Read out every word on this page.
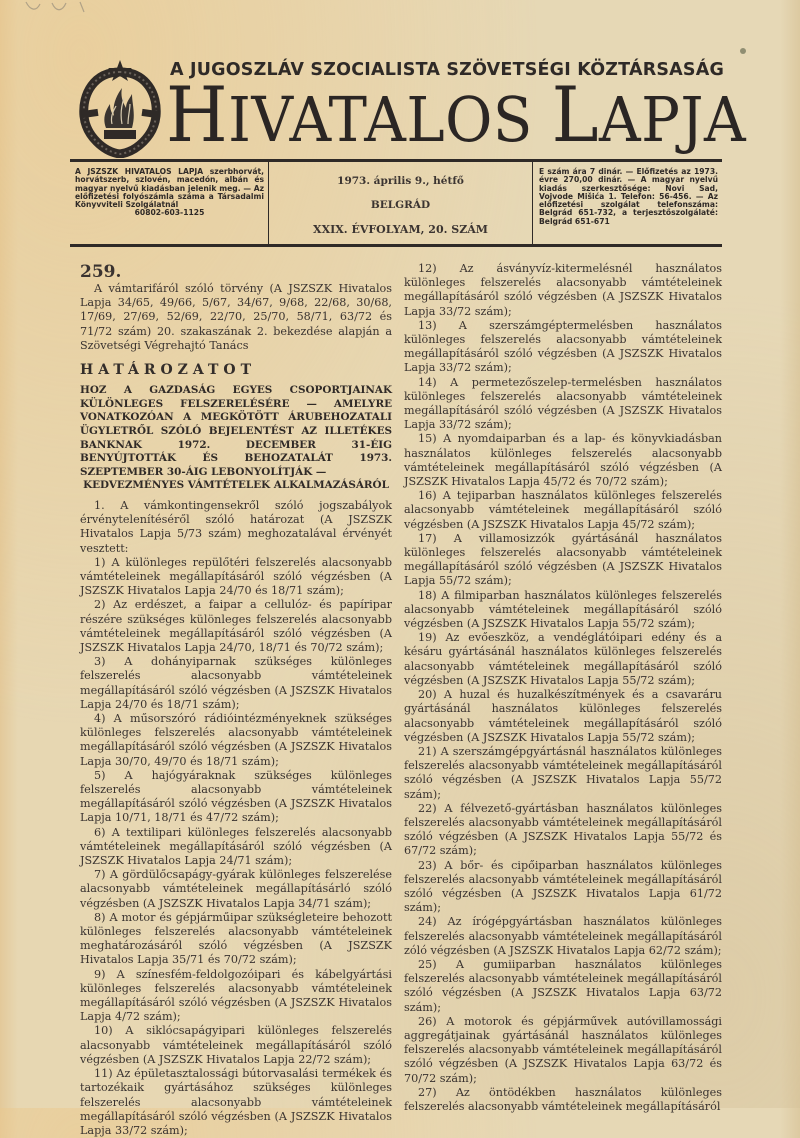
A JUGOSZLÁV SZOCIALISTA SZÖVETSÉGI KÖZTÁRSASÁG
HIVATALOS LAPJA
A JSZSZK HIVATALOS LAPJA szerbhorvát, horvátszerb, szlovén, macedón, albán és magyar nyelvű kiadásban jelenik meg. — Az előfizetési folyószámla száma a Társadalmi Könyvviteli Szolgálatnál
60802-603-1125

1973. április 9., hétfő

BELGRÁD

XXIX. ÉVFOLYAM, 20. SZÁM

E szám ára 7 dinár. — Előfizetés az 1973. évre 270,00 dinár. — A magyar nyelvű kiadás szerkesztősége: Novi Sad, Vojvode Mišića 1. Telefon: 56-456. — Az előfizetési szolgálat telefonszáma: Belgrád 651-732, a terjesztőszolgálaté: Belgrád 651-671

259.

A vámtarifáról szóló törvény (A JSZSZK Hivatalos Lapja 34/65, 49/66, 5/67, 34/67, 9/68, 22/68, 30/68, 17/69, 27/69, 52/69, 22/70, 25/70, 58/71, 63/72 és 71/72 szám) 20. szakaszának 2. bekezdése alapján a Szövetségi Végrehajtó Tanács

HATÁROZATOT

HOZ A GAZDASÁG EGYES CSOPORTJAINAK KÜLÖNLEGES FELSZERELÉSÉRE — AMELYRE VONATKOZÓAN A MEGKÖTÖTT ÁRUBEHOZATALI ÜGYLETRŐL SZÓLÓ BEJELENTÉST AZ ILLETÉKES BANKNAK 1972. DECEMBER 31-ÉIG BENYÚJTOTTÁK ÉS BEHOZATALÁT 1973. SZEPTEMBER 30-ÁIG LEBONYOLÍTJÁK —
KEDVEZMÉNYES VÁMTÉTELEK ALKALMAZÁSÁRÓL

1. A vámkontingensekről szóló jogszabályok érvénytelenítéséről szóló határozat (A JSZSZK Hivatalos Lapja 5/73 szám) meghozatalával érvényét vesztett:

1) A különleges repülőtéri felszerelés alacsonyabb vámtételeinek megállapításáról szóló végzésben (A JSZSZK Hivatalos Lapja 24/70 és 18/71 szám);

2) Az erdészet, a faipar a cellulóz- és papíripar részére szükséges különleges felszerelés alacsonyabb vámtételeinek megállapításáról szóló végzésben (A JSZSZK Hivatalos Lapja 24/70, 18/71 és 70/72 szám);

3) A dohányiparnak szükséges különleges felszerelés alacsonyabb vámtételeinek megállapításáról szóló végzésben (A JSZSZK Hivatalos Lapja 24/70 és 18/71 szám);

4) A műsorszóró rádióintézményeknek szükséges különleges felszerelés alacsonyabb vámtételeinek megállapításáról szóló végzésben (A JSZSZK Hivatalos Lapja 30/70, 49/70 és 18/71 szám);

5) A hajógyáraknak szükséges különleges felszerelés alacsonyabb vámtételeinek megállapításáról szóló végzésben (A JSZSZK Hivatalos Lapja 10/71, 18/71 és 47/72 szám);

6) A textilipari különleges felszerelés alacsonyabb vámtételeinek megállapításáról szóló végzésben (A JSZSZK Hivatalos Lapja 24/71 szám);

7) A gördülőcsapágy-gyárak különleges felszerelése alacsonyabb vámtételeinek megállapításárló szóló végzésben (A JSZSZK Hivatalos Lapja 34/71 szám);

8) A motor és gépjárműipar szükségleteire behozott különleges felszerelés alacsonyabb vámtételeinek meghatározásáról szóló végzésben (A JSZSZK Hivatalos Lapja 35/71 és 70/72 szám);

9) A színesfém-feldolgozóipari és kábelgyártási különleges felszerelés alacsonyabb vámtételeinek megállapításáról szóló végzésben (A JSZSZK Hivatalos Lapja 4/72 szám);

10) A siklócsapágyipari különleges felszerelés alacsonyabb vámtételeinek megállapításáról szóló végzésben (A JSZSZK Hivatalos Lapja 22/72 szám);

11) Az épületasztalossági bútorvasalási termékek és tartozékaik gyártásához szükséges különleges felszerelés alacsonyabb vámtételeinek megállapításáról szóló végzésben (A JSZSZK Hivatalos Lapja 33/72 szám);

12) Az ásványvíz-kitermelésnél használatos különleges felszerelés alacsonyabb vámtételeinek megállapításáról szóló végzésben (A JSZSZK Hivatalos Lapja 33/72 szám);

13) A szerszámgéptermelésben használatos különleges felszerelés alacsonyabb vámtételeinek megállapításáról szóló végzésben (A JSZSZK Hivatalos Lapja 33/72 szám);

14) A permetezőszelep-termelésben használatos különleges felszerelés alacsonyabb vámtételeinek megállapításáról szóló végzésben (A JSZSZK Hivatalos Lapja 33/72 szám);

15) A nyomdaiparban és a lap- és könyvkiadásban használatos különleges felszerelés alacsonyabb vámtételeinek megállapításáról szóló végzésben (A JSZSZK Hivatalos Lapja 45/72 és 70/72 szám);

16) A tejiparban használatos különleges felszerelés alacsonyabb vámtételeinek megállapításáról szóló végzésben (A JSZSZK Hivatalos Lapja 45/72 szám);

17) A villamosizzók gyártásánál használatos különleges felszerelés alacsonyabb vámtételeinek megállapításáról szóló végzésben (A JSZSZK Hivatalos Lapja 55/72 szám);

18) A filmiparban használatos különleges felszerelés alacsonyabb vámtételeinek megállapításáról szóló végzésben (A JSZSZK Hivatalos Lapja 55/72 szám);

19) Az evőeszköz, a vendéglátóipari edény és a késáru gyártásánál használatos különleges felszerelés alacsonyabb vámtételeinek megállapításáról szóló végzésben (A JSZSZK Hivatalos Lapja 55/72 szám);

20) A huzal és huzalkészítmények és a csavaráru gyártásánál használatos különleges felszerelés alacsonyabb vámtételeinek megállapításáról szóló végzésben (A JSZSZK Hivatalos Lapja 55/72 szám);

21) A szerszámgépgyártásnál használatos különleges felszerelés alacsonyabb vámtételeinek megállapításáról szóló végzésben (A JSZSZK Hivatalos Lapja 55/72 szám);

22) A félvezető-gyártásban használatos különleges felszerelés alacsonyabb vámtételeinek megállapításáról szóló végzésben (A JSZSZK Hivatalos Lapja 55/72 és 67/72 szám);

23) A bőr- és cipőiparban használatos különleges felszerelés alacsonyabb vámtételeinek megállapításáról szóló végzésben (A JSZSZK Hivatalos Lapja 61/72 szám);

24) Az írógépgyártásban használatos különleges felszerelés alacsonyabb vámtételeinek megállapításáról zóló végzésben (A JSZSZK Hivatalos Lapja 62/72 szám);

25) A gumiiparban használatos különleges felszerelés alacsonyabb vámtételeinek megállapításáról szóló végzésben (A JSZSZK Hivatalos Lapja 63/72 szám);

26) A motorok és gépjárművek autóvillamossági aggregátjainak gyártásánál használatos különleges felszerelés alacsonyabb vámtételeinek megállapításáról szóló végzésben (A JSZSZK Hivatalos Lapja 63/72 és 70/72 szám);

27) Az öntödékben használatos különleges felszerelés alacsonyabb vámtételeinek megállapításáról
